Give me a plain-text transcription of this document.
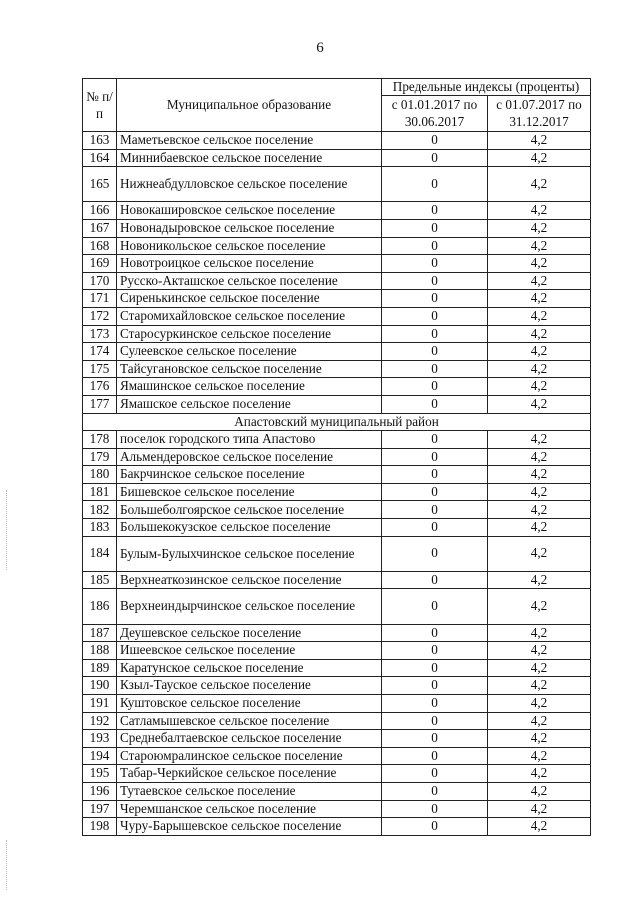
6
№ п/п	Муниципальное образование	Предельные индексы (проценты)	
		с 01.01.2017 по 30.06.2017	с 01.07.2017 по 31.12.2017
163	Маметьевское сельское поселение	0	4,2
164	Миннибаевское сельское поселение	0	4,2
165	Нижнеабдулловское сельское поселение	0	4,2
166	Новокашировское сельское поселение	0	4,2
167	Новонадыровское сельское поселение	0	4,2
168	Новоникольское сельское поселение	0	4,2
169	Новотроицкое сельское поселение	0	4,2
170	Русско-Акташское сельское поселение	0	4,2
171	Сиренькинское сельское поселение	0	4,2
172	Старомихайловское сельское поселение	0	4,2
173	Старосуркинское сельское поселение	0	4,2
174	Сулеевское сельское поселение	0	4,2
175	Тайсугановское сельское поселение	0	4,2
176	Ямашинское сельское поселение	0	4,2
177	Ямашское сельское поселение	0	4,2
Апастовский муниципальный район			
178	поселок городского типа Апастово	0	4,2
179	Альмендеровское сельское поселение	0	4,2
180	Бакрчинское сельское поселение	0	4,2
181	Бишевское сельское поселение	0	4,2
182	Большеболгоярское сельское поселение	0	4,2
183	Большекокузское сельское поселение	0	4,2
184	Булым-Булыхчинское сельское поселение	0	4,2
185	Верхнеаткозинское сельское поселение	0	4,2
186	Верхнеиндырчинское сельское поселение	0	4,2
187	Деушевское сельское поселение	0	4,2
188	Ишеевское сельское поселение	0	4,2
189	Каратунское сельское поселение	0	4,2
190	Кзыл-Тауское сельское поселение	0	4,2
191	Куштовское сельское поселение	0	4,2
192	Сатламышевское сельское поселение	0	4,2
193	Среднебалтаевское сельское поселение	0	4,2
194	Староюмралинское сельское поселение	0	4,2
195	Табар-Черкийское сельское поселение	0	4,2
196	Тутаевское сельское поселение	0	4,2
197	Черемшанское сельское поселение	0	4,2
198	Чуру-Барышевское сельское поселение	0	4,2
